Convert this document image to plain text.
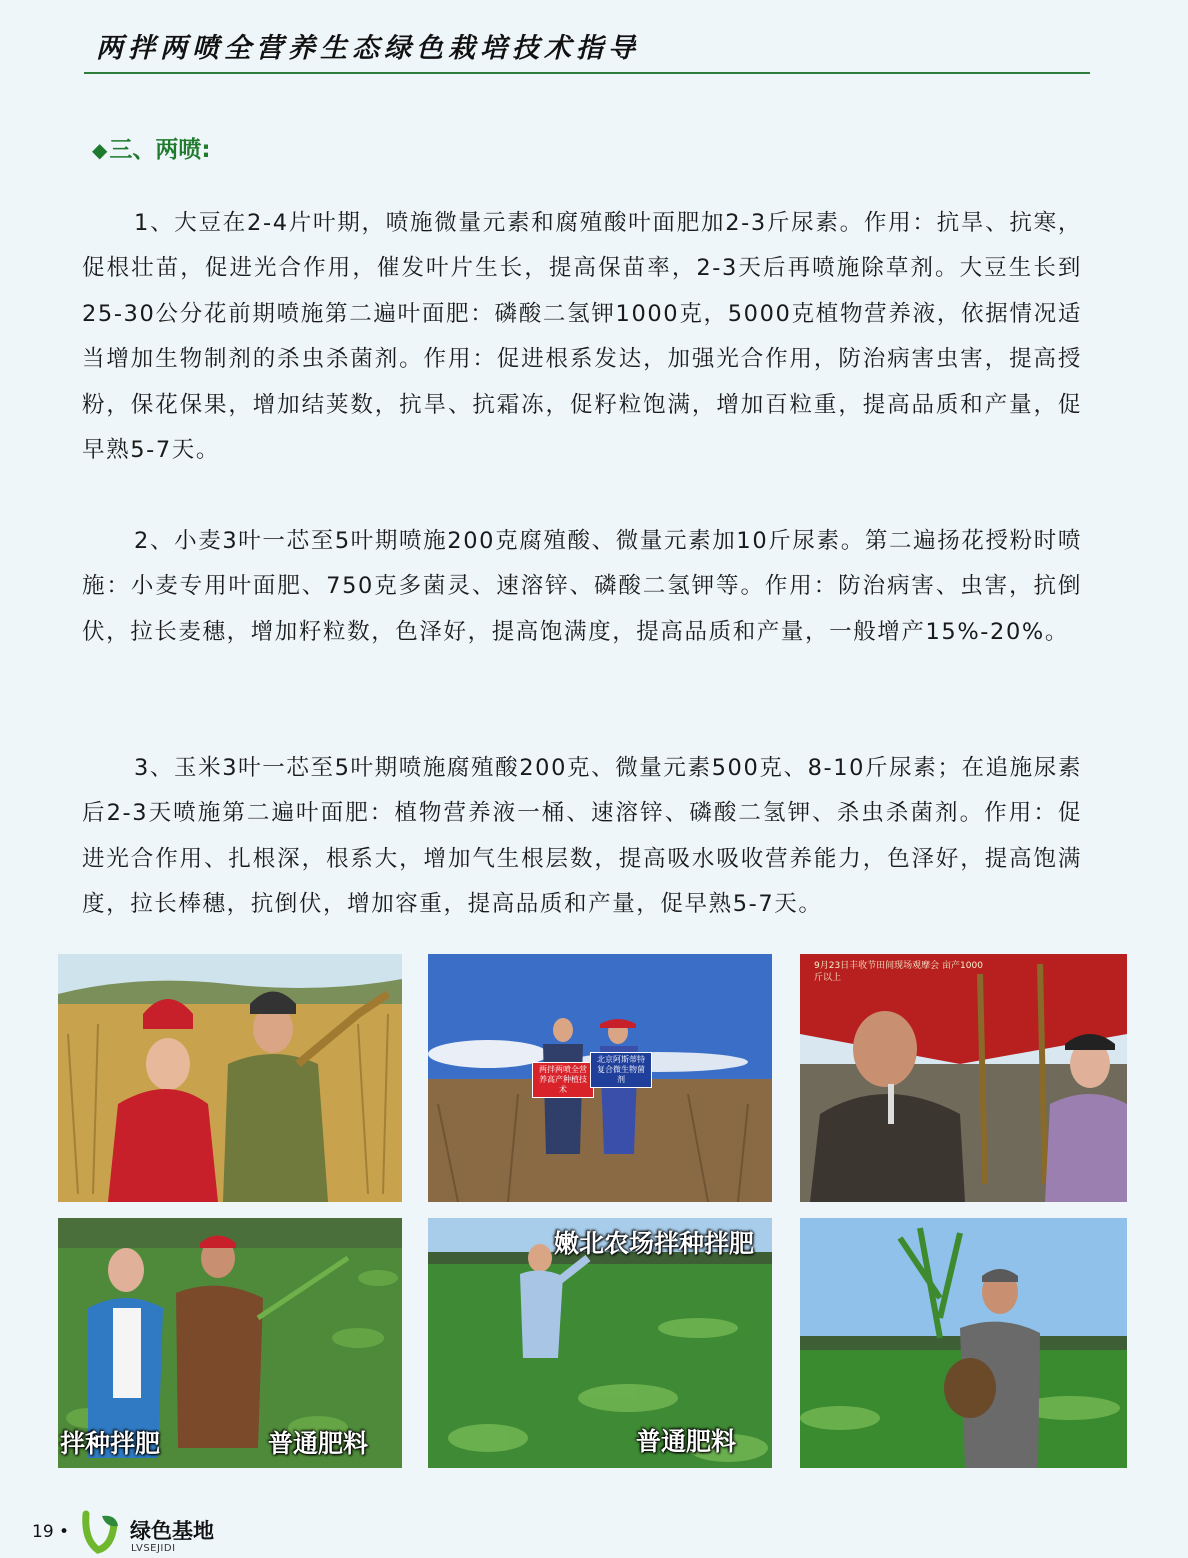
两拌两喷全营养生态绿色栽培技术指导
◆三、两喷:

1、大豆在2-4片叶期，喷施微量元素和腐殖酸叶面肥加2-3斤尿素。作用：抗旱、抗寒，促根壮苗，促进光合作用，催发叶片生长，提高保苗率，2-3天后再喷施除草剂。大豆生长到25-30公分花前期喷施第二遍叶面肥：磷酸二氢钾1000克，5000克植物营养液，依据情况适当增加生物制剂的杀虫杀菌剂。作用：促进根系发达，加强光合作用，防治病害虫害，提高授粉，保花保果，增加结荚数，抗旱、抗霜冻，促籽粒饱满，增加百粒重，提高品质和产量，促早熟5-7天。

2、小麦3叶一芯至5叶期喷施200克腐殖酸、微量元素加10斤尿素。第二遍扬花授粉时喷施：小麦专用叶面肥、750克多菌灵、速溶锌、磷酸二氢钾等。作用：防治病害、虫害，抗倒伏，拉长麦穗，增加籽粒数，色泽好，提高饱满度，提高品质和产量，一般增产15%-20%。

3、玉米3叶一芯至5叶期喷施腐殖酸200克、微量元素500克、8-10斤尿素；在追施尿素后2-3天喷施第二遍叶面肥：植物营养液一桶、速溶锌、磷酸二氢钾、杀虫杀菌剂。作用：促进光合作用、扎根深，根系大，增加气生根层数，提高吸水吸收营养能力，色泽好，提高饱满度，拉长棒穗，抗倒伏，增加容重，提高品质和产量，促早熟5-7天。

两拌两喷全营养高产种植技术
北京阿斯蒂特复合微生物菌剂
9月23日丰收节田间现场观摩会 亩产1000斤以上
拌种拌肥	普通肥料
嫩北农场拌种拌肥
普通肥料
19 •	绿色基地
LVSEJIDI
